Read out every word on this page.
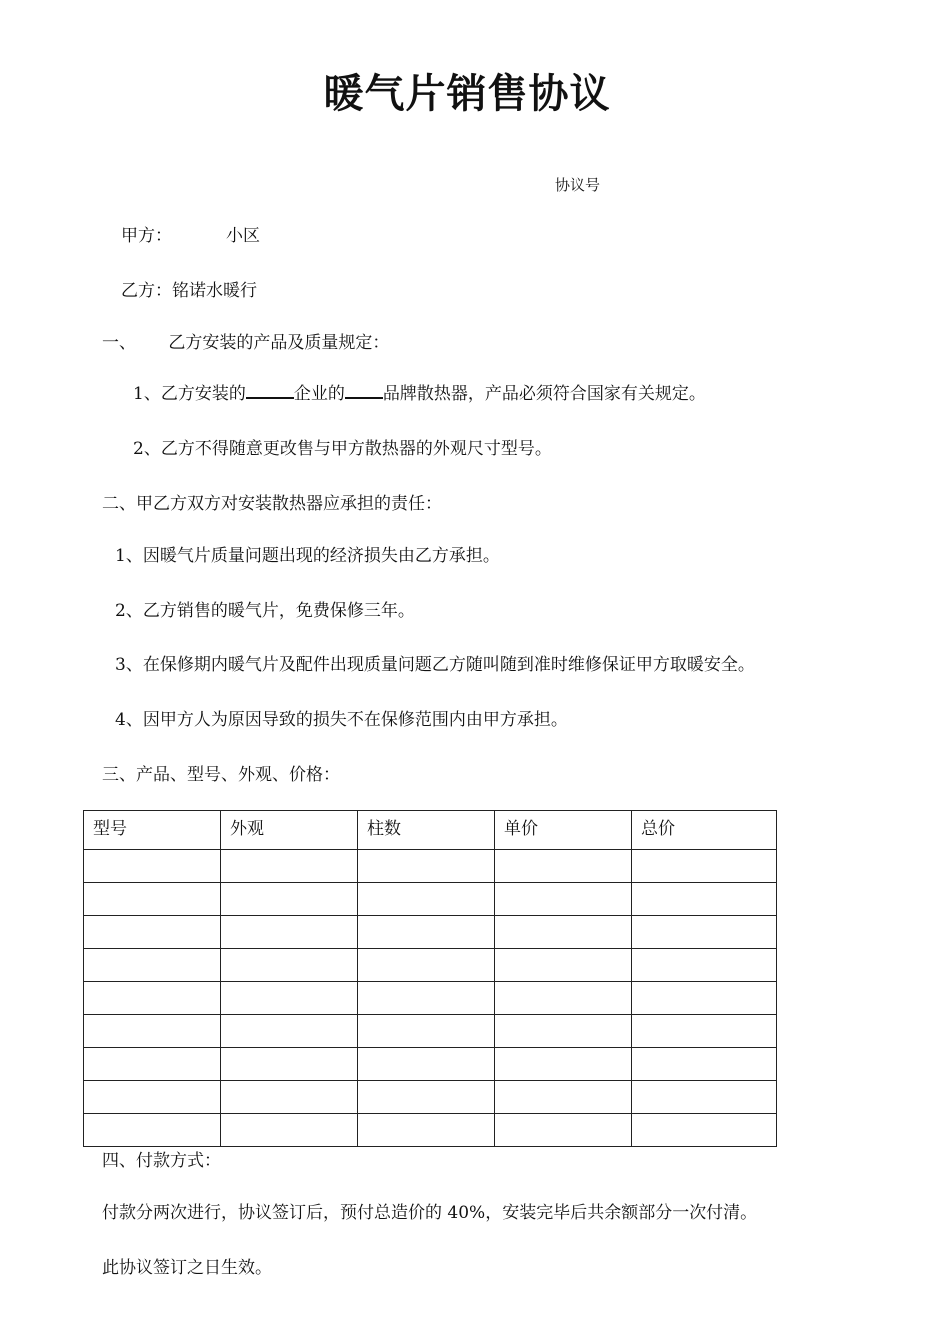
暖气片销售协议
协议号
甲方：          小区
乙方：铭诺水暖行
一、      乙方安装的产品及质量规定：
1、乙方安装的	企业的 品牌散热器，产品必须符合国家有关规定。
2、乙方不得随意更改售与甲方散热器的外观尺寸型号。
二、甲乙方双方对安装散热器应承担的责任：
1、因暖气片质量问题出现的经济损失由乙方承担。
2、乙方销售的暖气片，免费保修三年。
3、在保修期内暖气片及配件出现质量问题乙方随叫随到准时维修保证甲方取暖安全。
4、因甲方人为原因导致的损失不在保修范围内由甲方承担。
三、产品、型号、外观、价格：
型号	外观	柱数	单价	总价

四、付款方式：
付款分两次进行，协议签订后，预付总造价的 40%，安装完毕后共余额部分一次付清。
此协议签订之日生效。
